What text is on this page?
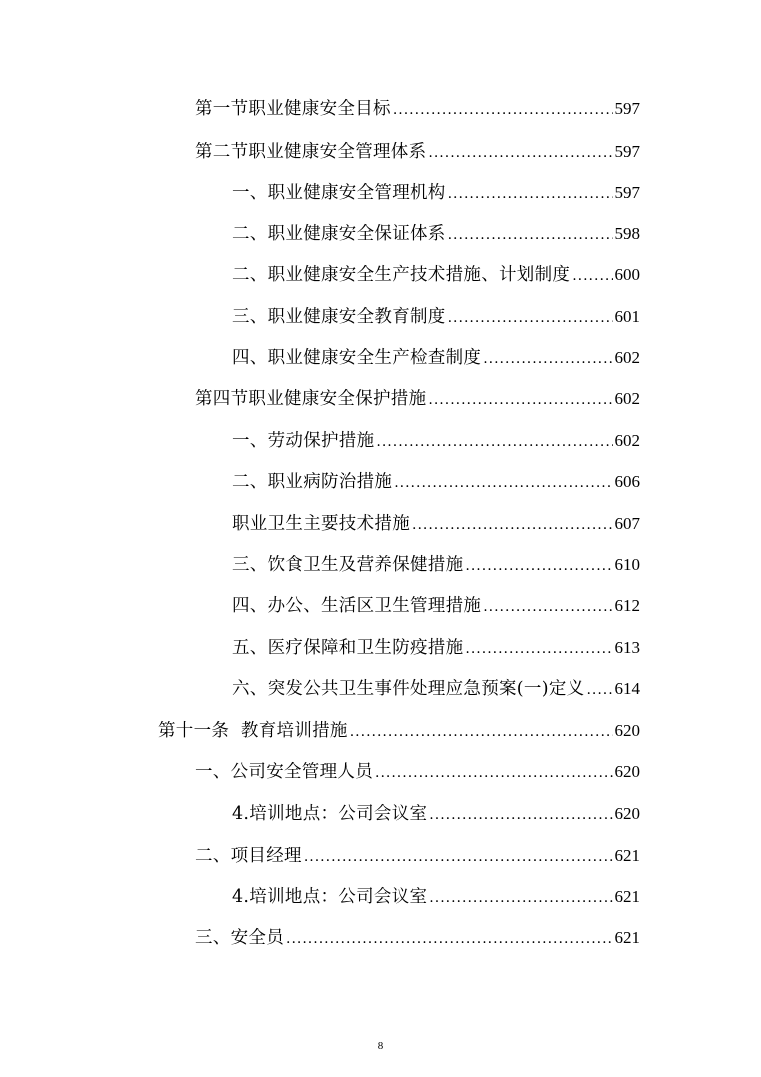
第一节职业健康安全目标 .....	597
第二节职业健康安全管理体系 .....	597
一、职业健康安全管理机构 .....	597
二、职业健康安全保证体系 .....	598
二、职业健康安全生产技术措施、计划制度 .....	600
三、职业健康安全教育制度 .....	601
四、职业健康安全生产检查制度 .....	602
第四节职业健康安全保护措施 .....	602
一、劳动保护措施 .....	602
二、职业病防治措施 .....	606
职业卫生主要技术措施 .....	607
三、饮食卫生及营养保健措施 .....	610
四、办公、生活区卫生管理措施 .....	612
五、医疗保障和卫生防疫措施 .....	613
六、突发公共卫生事件处理应急预案(一)定义 ..... 614
第十一条  教育培训措施 .....	620
一、公司安全管理人员 .....	620
4.培训地点：公司会议室 .....	620
二、项目经理 .....	621
4.培训地点：公司会议室 .....	621
三、安全员 .....	621
8
